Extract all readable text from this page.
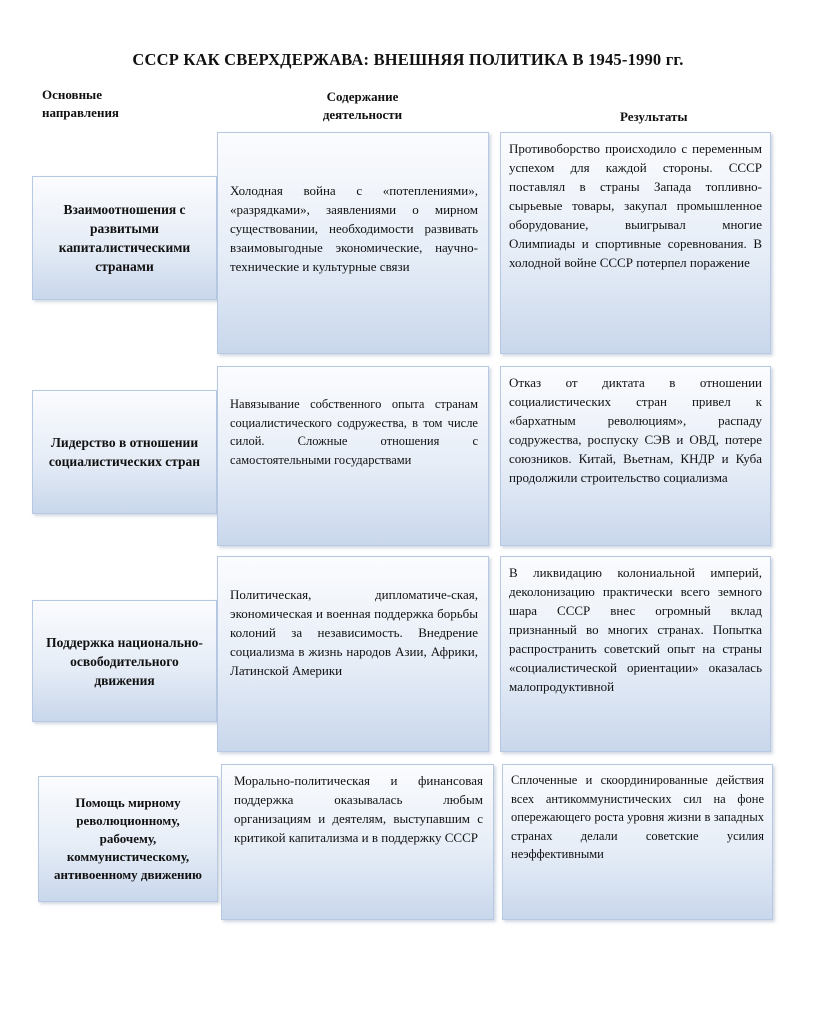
СССР КАК СВЕРХДЕРЖАВА: ВНЕШНЯЯ ПОЛИТИКА В 1945-1990 гг.
Основные направления
Содержание деятельности	Результаты
Взаимоотношения с развитыми капиталистическими странами
Холодная война с «потеплениями», «разрядками», заявлениями о мирном существовании, необходимости развивать взаимовыгодные экономические, научно-технические и культурные связи
Противоборство происходило с переменным успехом для каждой стороны. СССР поставлял в страны Запада топливно-сырьевые товары, закупал промышленное оборудование, выигрывал многие Олимпиады и спортивные соревнования. В холодной войне СССР потерпел поражение
Лидерство в отношении социалистических стран
Навязывание собственного опыта странам социалистического содружества, в том числе силой. Сложные отношения с самостоятельными государствами
Отказ от диктата в отношении социалистических стран привел к «бархатным революциям», распаду содружества, роспуску СЭВ и ОВД, потере союзников. Китай, Вьетнам, КНДР и Куба продолжили строительство социализма
Поддержка национально-освободительного движения
Политическая, дипломатиче-ская, экономическая и военная поддержка борьбы колоний за независимость. Внедрение социализма в жизнь народов Азии, Африки, Латинской Америки
В ликвидацию колониальной империй, деколонизацию практически всего земного шара СССР внес огромный вклад признанный во многих странах. Попытка распространить советский опыт на страны «социалистической ориентации» оказалась малопродуктивной
Помощь мирному революционному, рабочему, коммунистическому, антивоенному движению
Морально-политическая и финансовая поддержка оказывалась любым организациям и деятелям, выступавшим с критикой капитализма и в поддержку СССР
Сплоченные и скоординированные действия всех антикоммунистических сил на фоне опережающего роста уровня жизни в западных странах делали советские усилия неэффективными
